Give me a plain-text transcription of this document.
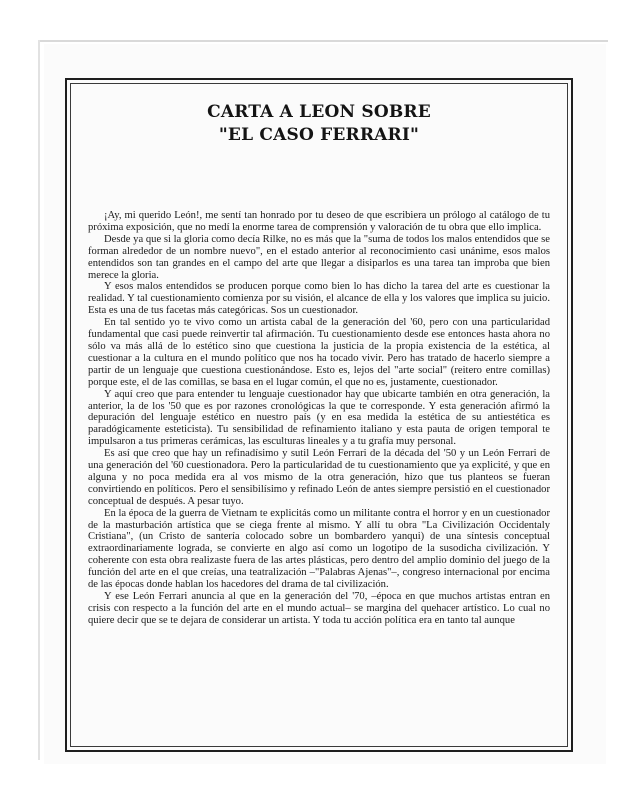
CARTA A LEON SOBRE
"EL CASO FERRARI"

¡Ay, mi querido León!, me sentí tan honrado por tu deseo de que escribiera un prólogo al catálogo de tu próxima exposición, que no medí la enorme tarea de comprensión y valoración de tu obra que ello implica.

Desde ya que si la gloria como decía Rilke, no es más que la "suma de todos los malos entendidos que se forman alrededor de un nombre nuevo", en el estado anterior al reconocimiento casi unánime, esos malos entendidos son tan grandes en el campo del arte que llegar a disiparlos es una tarea tan improba que bien merece la gloria.

Y esos malos entendidos se producen porque como bien lo has dicho la tarea del arte es cuestionar la realidad. Y tal cuestionamiento comienza por su visión, el alcance de ella y los valores que implica su juicio. Esta es una de tus facetas más categóricas. Sos un cuestionador.

En tal sentido yo te vivo como un artista cabal de la generación del '60, pero con una particularidad fundamental que casi puede reinvertir tal afirmación. Tu cuestionamiento desde ese entonces hasta ahora no sólo va más allá de lo estético sino que cuestiona la justicia de la propia existencia de la estética, al cuestionar a la cultura en el mundo político que nos ha tocado vivir. Pero has tratado de hacerlo siempre a partir de un lenguaje que cuestiona cuestionándose. Esto es, lejos del "arte social" (reitero entre comillas) porque este, el de las comillas, se basa en el lugar común, el que no es, justamente, cuestionador.

Y aquí creo que para entender tu lenguaje cuestionador hay que ubicarte también en otra generación, la anterior, la de los '50 que es por razones cronológicas la que te corresponde. Y esta generación afirmó la depuración del lenguaje estético en nuestro país (y en esa medida la estética de su antiestética es paradógicamente esteticista). Tu sensibilidad de refinamiento italiano y esta pauta de origen temporal te impulsaron a tus primeras cerámicas, las esculturas lineales y a tu grafía muy personal.

Es así que creo que hay un refinadísimo y sutil León Ferrari de la década del '50 y un León Ferrari de una generación del '60 cuestionadora. Pero la particularidad de tu cuestionamiento que ya explicité, y que en alguna y no poca medida era al vos mismo de la otra generación, hizo que tus planteos se fueran convirtiendo en políticos. Pero el sensibilísimo y refinado León de antes siempre persistió en el cuestionador conceptual de después. A pesar tuyo.

En la época de la guerra de Vietnam te explicitás como un militante contra el horror y en un cuestionador de la masturbación artística que se ciega frente al mismo. Y allí tu obra "La Civilización Occidentaly Cristiana", (un Cristo de santería colocado sobre un bombardero yanqui) de una síntesis conceptual extraordinariamente lograda, se convierte en algo así como un logotipo de la susodicha civilización. Y coherente con esta obra realizaste fuera de las artes plásticas, pero dentro del amplio dominio del juego de la función del arte en el que creías, una teatralización –"Palabras Ajenas"–, congreso internacional por encima de las épocas donde hablan los hacedores del drama de tal civilización.

Y ese León Ferrari anuncia al que en la generación del '70, –época en que muchos artistas entran en crisis con respecto a la función del arte en el mundo actual– se margina del quehacer artístico. Lo cual no quiere decir que se te dejara de considerar un artista. Y toda tu acción política era en tanto tal aunque
